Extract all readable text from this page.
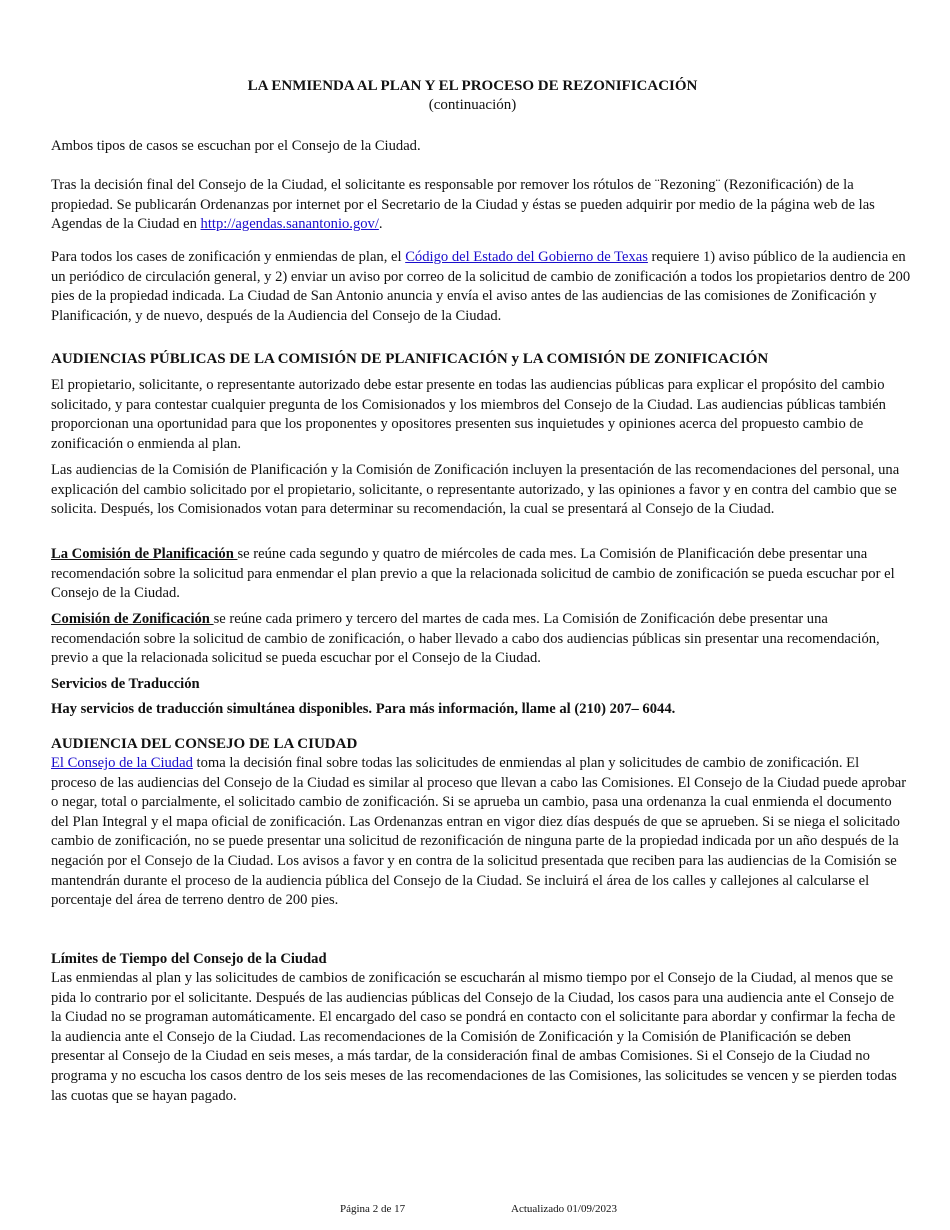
LA ENMIENDA AL PLAN Y EL PROCESO DE REZONIFICACIÓN
(continuación)

Ambos tipos de casos se escuchan por el Consejo de la Ciudad.

Tras la decisión final del Consejo de la Ciudad, el solicitante es responsable por remover los rótulos de ¨Rezoning¨ (Rezonificación) de la propiedad. Se publicarán Ordenanzas por internet por el Secretario de la Ciudad y éstas se pueden adquirir por medio de la página web de las Agendas de la Ciudad en http://agendas.sanantonio.gov/.

Para todos los cases de zonificación y enmiendas de plan, el Código del Estado del Gobierno de Texas requiere 1) aviso público de la audiencia en un periódico de circulación general, y 2) enviar un aviso por correo de la solicitud de cambio de zonificación a todos los propietarios dentro de 200 pies de la propiedad indicada. La Ciudad de San Antonio anuncia y envía el aviso antes de las audiencias de las comisiones de Zonificación y Planificación, y de nuevo, después de la Audiencia del Consejo de la Ciudad.

AUDIENCIAS PÚBLICAS DE LA COMISIÓN DE PLANIFICACIÓN y LA COMISIÓN DE ZONIFICACIÓN

El propietario, solicitante, o representante autorizado debe estar presente en todas las audiencias públicas para explicar el propósito del cambio solicitado, y para contestar cualquier pregunta de los Comisionados y los miembros del Consejo de la Ciudad. Las audiencias públicas también proporcionan una oportunidad para que los proponentes y opositores presenten sus inquietudes y opiniones acerca del propuesto cambio de zonificación o enmienda al plan.

Las audiencias de la Comisión de Planificación y la Comisión de Zonificación incluyen la presentación de las recomendaciones del personal, una explicación del cambio solicitado por el propietario, solicitante, o representante autorizado, y las opiniones a favor y en contra del cambio que se solicita. Después, los Comisionados votan para determinar su recomendación, la cual se presentará al Consejo de la Ciudad.

La Comisión de Planificación se reúne cada segundo y quatro de miércoles de cada mes. La Comisión de Planificación debe presentar una recomendación sobre la solicitud para enmendar el plan previo a que la relacionada solicitud de cambio de zonificación se pueda escuchar por el Consejo de la Ciudad.

Comisión de Zonificación se reúne cada primero y tercero del martes de cada mes. La Comisión de Zonificación debe presentar una recomendación sobre la solicitud de cambio de zonificación, o haber llevado a cabo dos audiencias públicas sin presentar una recomendación, previo a que la relacionada solicitud se pueda escuchar por el Consejo de la Ciudad.

Servicios de Traducción

Hay servicios de traducción simultánea disponibles. Para más información, llame al (210) 207– 6044.

AUDIENCIA DEL CONSEJO DE LA CIUDAD

El Consejo de la Ciudad toma la decisión final sobre todas las solicitudes de enmiendas al plan y solicitudes de cambio de zonificación. El proceso de las audiencias del Consejo de la Ciudad es similar al proceso que llevan a cabo las Comisiones. El Consejo de la Ciudad puede aprobar o negar, total o parcialmente, el solicitado cambio de zonificación. Si se aprueba un cambio, pasa una ordenanza la cual enmienda el documento del Plan Integral y el mapa oficial de zonificación. Las Ordenanzas entran en vigor diez días después de que se aprueben. Si se niega el solicitado cambio de zonificación, no se puede presentar una solicitud de rezonificación de ninguna parte de la propiedad indicada por un año después de la negación por el Consejo de la Ciudad. Los avisos a favor y en contra de la solicitud presentada que reciben para las audiencias de la Comisión se mantendrán durante el proceso de la audiencia pública del Consejo de la Ciudad. Se incluirá el área de los calles y callejones al calcularse el porcentaje del área de terreno dentro de 200 pies.

Límites de Tiempo del Consejo de la Ciudad

Las enmiendas al plan y las solicitudes de cambios de zonificación se escucharán al mismo tiempo por el Consejo de la Ciudad, al menos que se pida lo contrario por el solicitante. Después de las audiencias públicas del Consejo de la Ciudad, los casos para una audiencia ante el Consejo de la Ciudad no se programan automáticamente. El encargado del caso se pondrá en contacto con el solicitante para abordar y confirmar la fecha de la audiencia ante el Consejo de la Ciudad. Las recomendaciones de la Comisión de Zonificación y la Comisión de Planificación se deben presentar al Consejo de la Ciudad en seis meses, a más tardar, de la consideración final de ambas Comisiones. Si el Consejo de la Ciudad no programa y no escucha los casos dentro de los seis meses de las recomendaciones de las Comisiones, las solicitudes se vencen y se pierden todas las cuotas que se hayan pagado.

Página 2 de 17	Actualizado 01/09/2023
